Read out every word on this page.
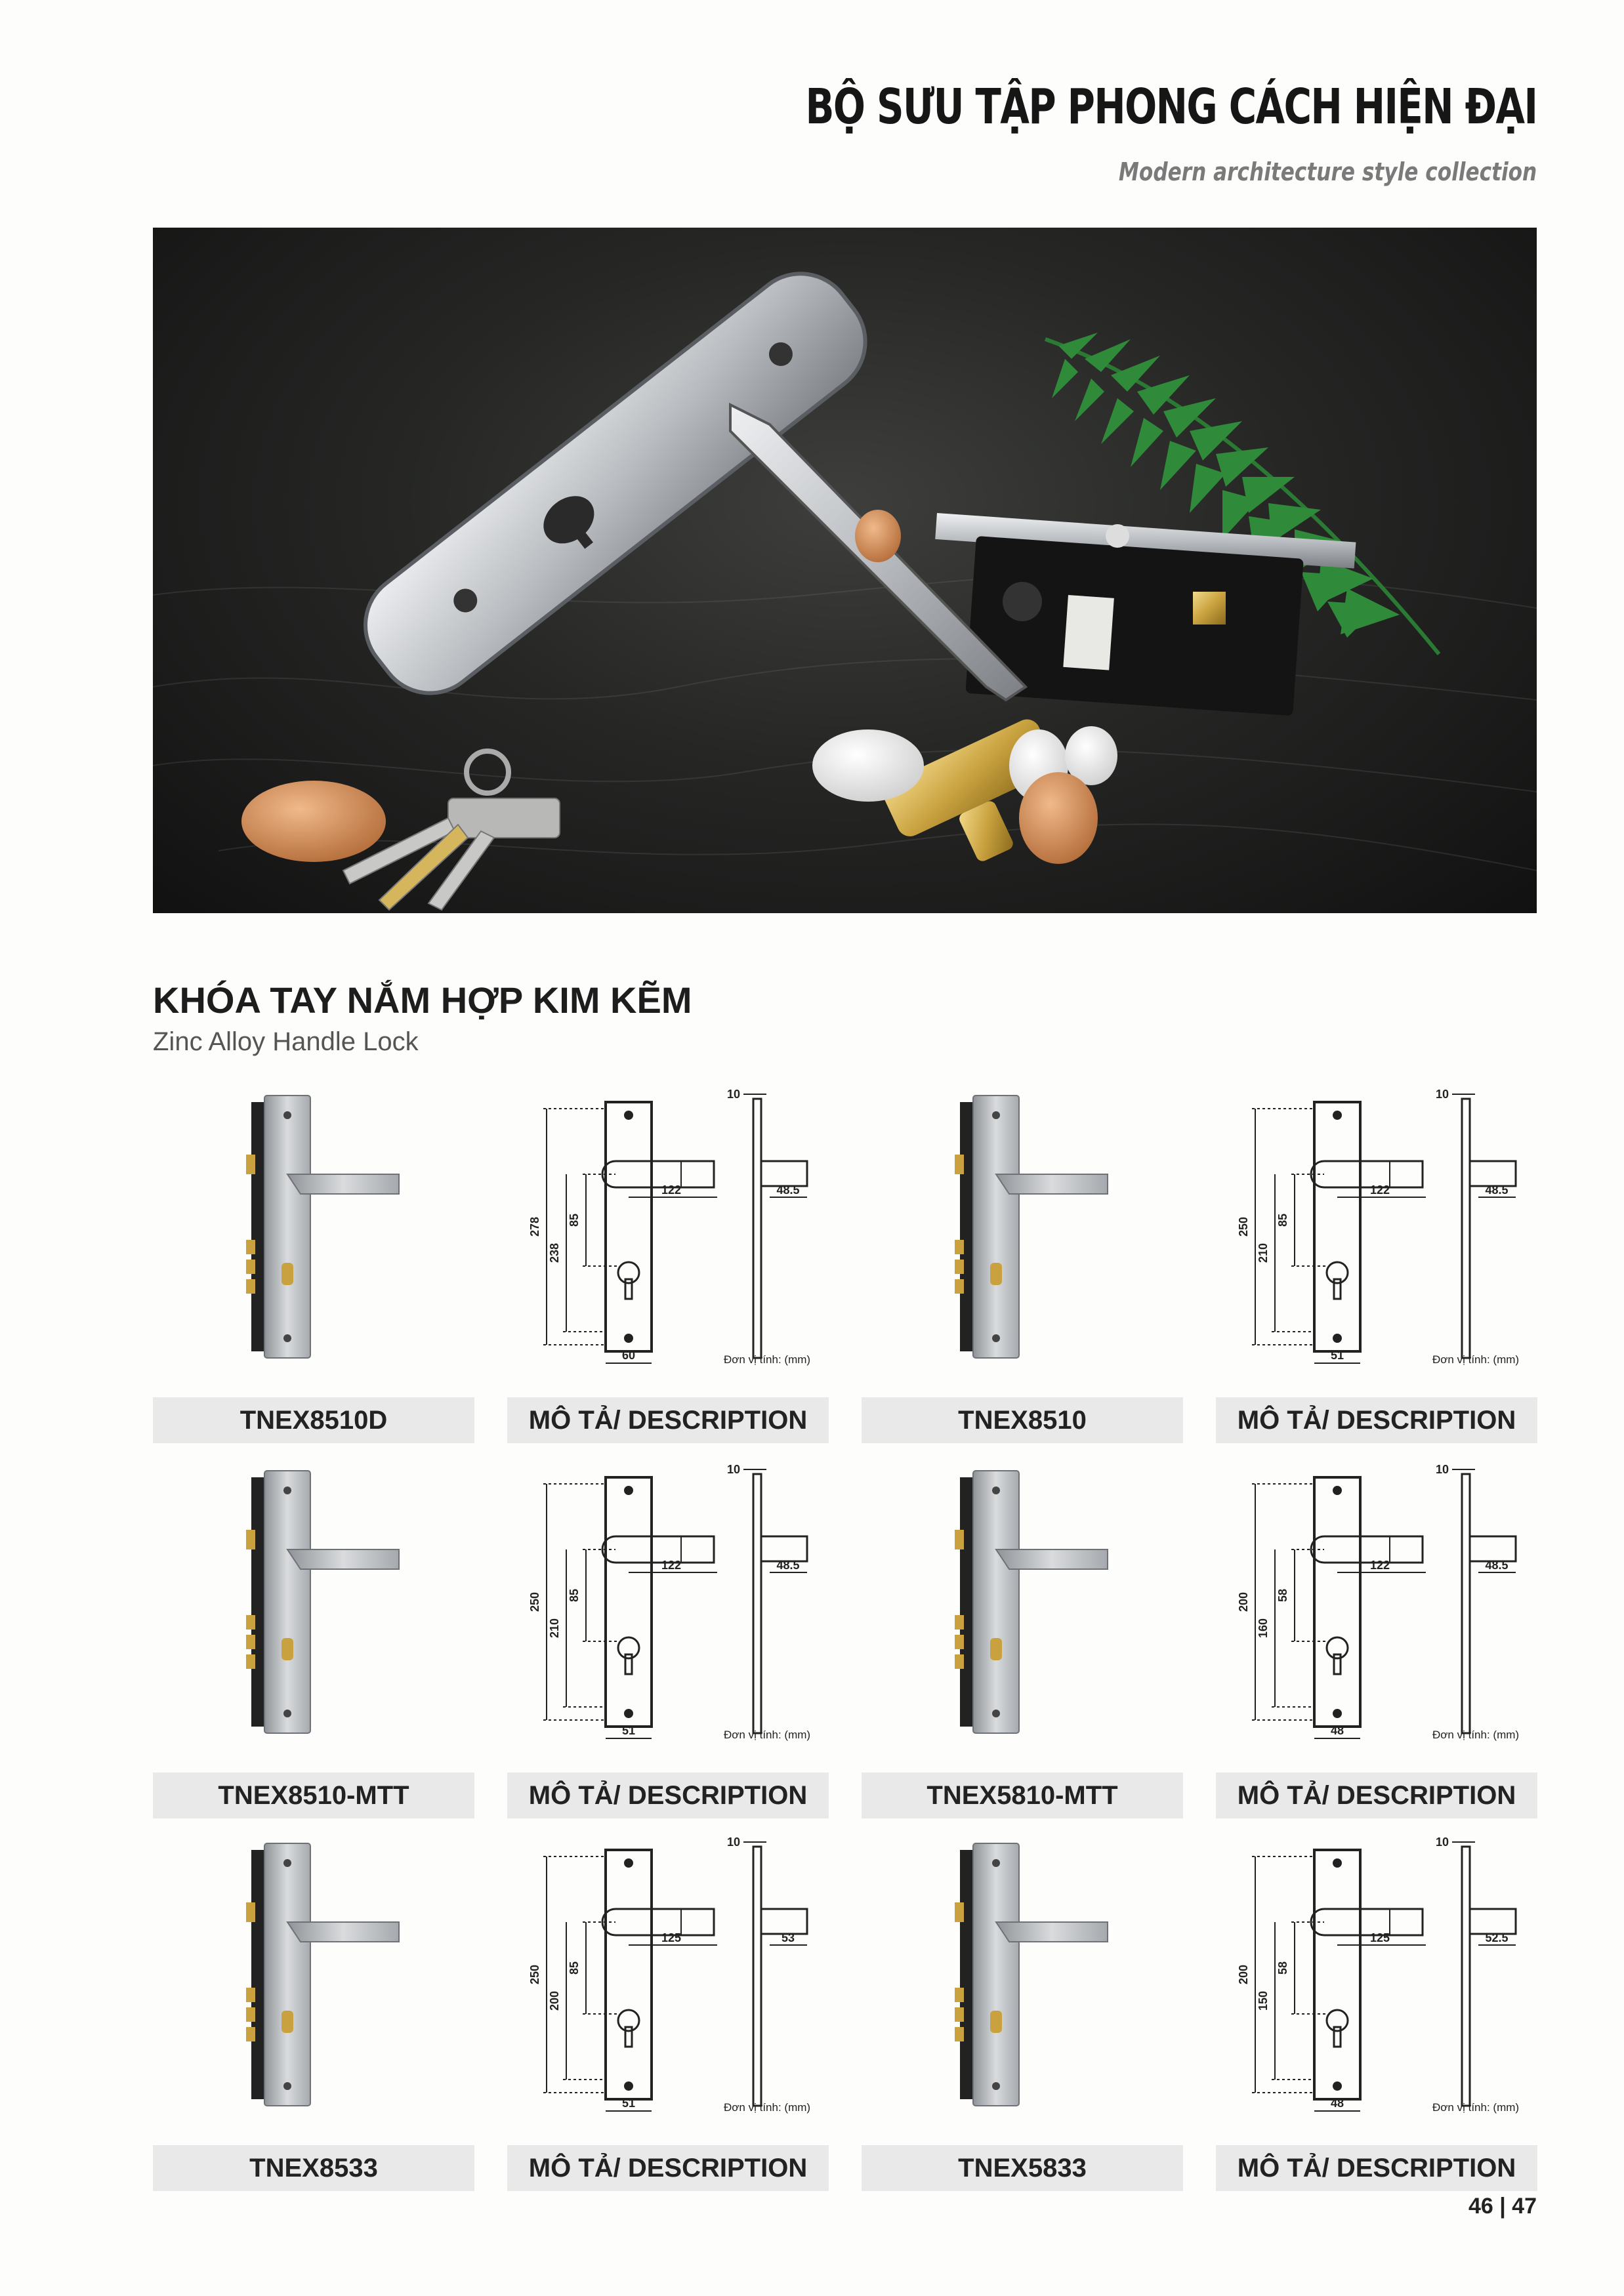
BỘ SƯU TẬP PHONG CÁCH HIỆN ĐẠI
Modern architecture style collection
KHÓA TAY NẮM HỢP KIM KẼM
Zinc Alloy Handle Lock
TNEX8510D
278
238
85
122	48.5
10
60	Đơn vị tính: (mm)
MÔ TẢ/ DESCRIPTION	TNEX8510
250
210
85
122	48.5
10
51	Đơn vị tính: (mm)
MÔ TẢ/ DESCRIPTION
TNEX8510-MTT
250
210
85
122	48.5
10
51	Đơn vị tính: (mm)
MÔ TẢ/ DESCRIPTION	TNEX5810-MTT
200
160
58
122	48.5
10
48	Đơn vị tính: (mm)
MÔ TẢ/ DESCRIPTION
TNEX8533
250
200
85
125	53
10
51	Đơn vị tính: (mm)
MÔ TẢ/ DESCRIPTION	TNEX5833
200
150
58
125	52.5
10
48	Đơn vị tính: (mm)
MÔ TẢ/ DESCRIPTION
46 | 47
